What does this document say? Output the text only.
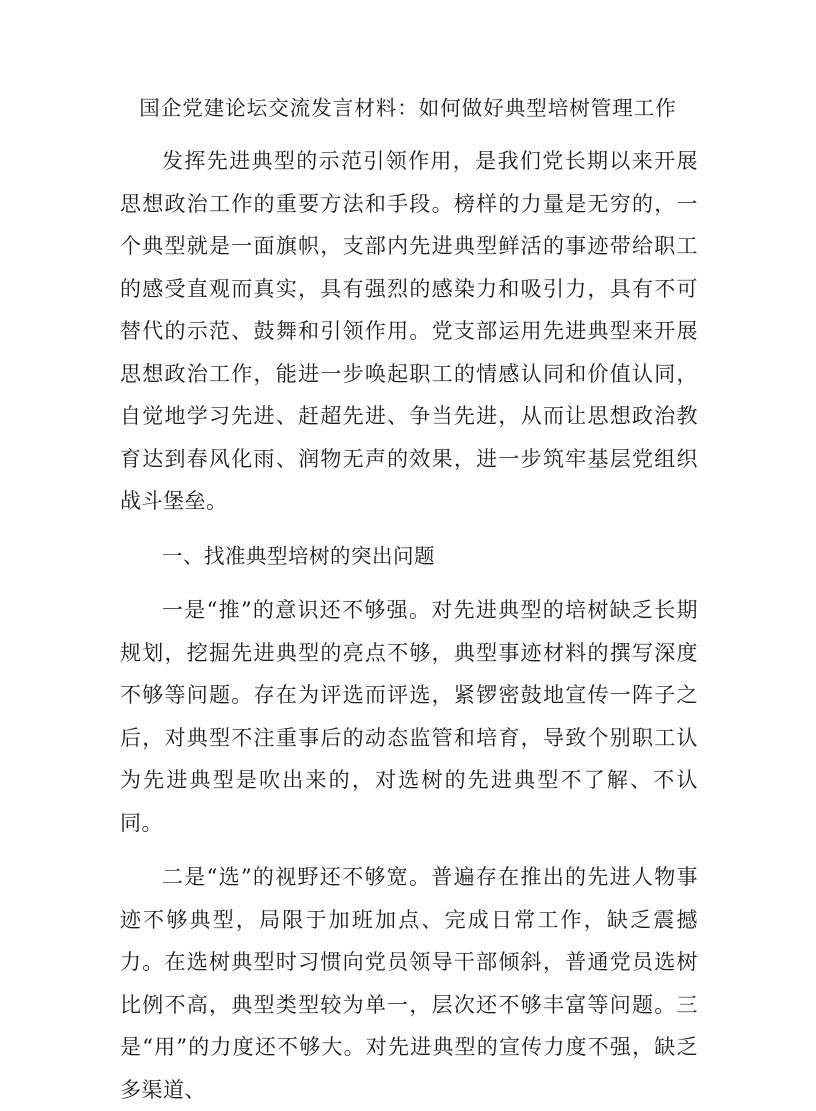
国企党建论坛交流发言材料：如何做好典型培树管理工作

发挥先进典型的示范引领作用，是我们党长期以来开展思想政治工作的重要方法和手段。榜样的力量是无穷的，一个典型就是一面旗帜，支部内先进典型鲜活的事迹带给职工的感受直观而真实，具有强烈的感染力和吸引力，具有不可替代的示范、鼓舞和引领作用。党支部运用先进典型来开展思想政治工作，能进一步唤起职工的情感认同和价值认同，自觉地学习先进、赶超先进、争当先进，从而让思想政治教育达到春风化雨、润物无声的效果，进一步筑牢基层党组织战斗堡垒。

一、找准典型培树的突出问题

一是“推”的意识还不够强。对先进典型的培树缺乏长期规划，挖掘先进典型的亮点不够，典型事迹材料的撰写深度不够等问题。存在为评选而评选，紧锣密鼓地宣传一阵子之后，对典型不注重事后的动态监管和培育，导致个别职工认为先进典型是吹出来的，对选树的先进典型不了解、不认同。

二是“选”的视野还不够宽。普遍存在推出的先进人物事迹不够典型，局限于加班加点、完成日常工作，缺乏震撼力。在选树典型时习惯向党员领导干部倾斜，普通党员选树比例不高，典型类型较为单一，层次还不够丰富等问题。三是“用”的力度还不够大。对先进典型的宣传力度不强，缺乏多渠道、
